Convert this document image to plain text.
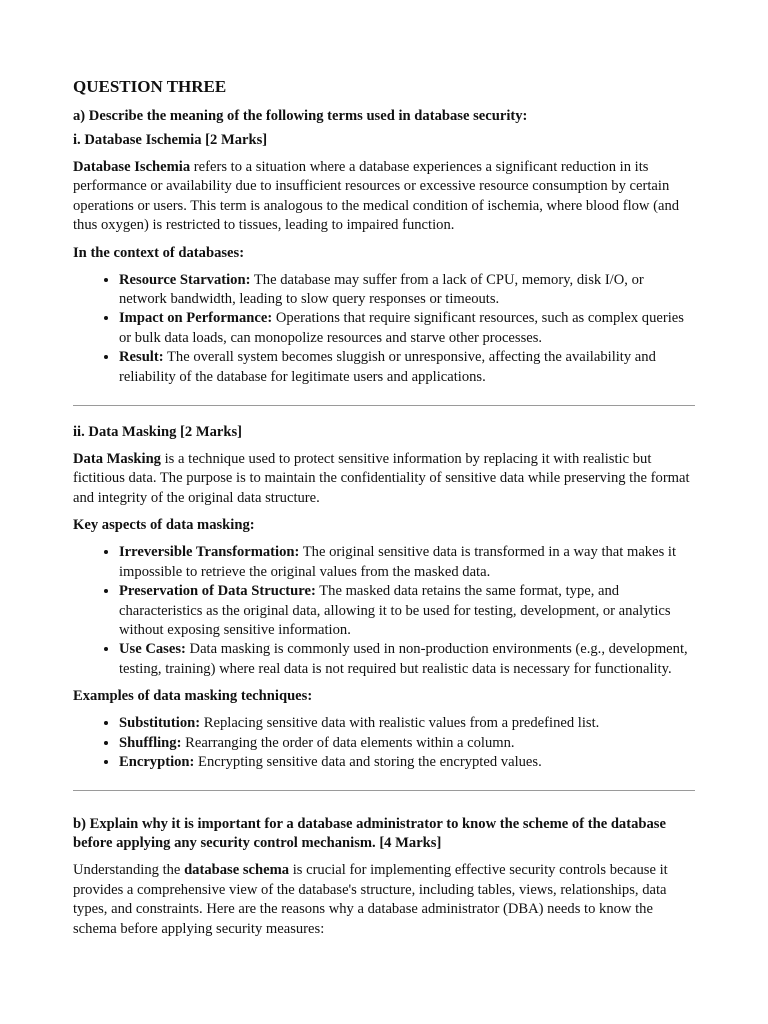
QUESTION THREE
a) Describe the meaning of the following terms used in database security:
i. Database Ischemia [2 Marks]

Database Ischemia refers to a situation where a database experiences a significant reduction in its performance or availability due to insufficient resources or excessive resource consumption by certain operations or users. This term is analogous to the medical condition of ischemia, where blood flow (and thus oxygen) is restricted to tissues, leading to impaired function.

In the context of databases:
• Resource Starvation: The database may suffer from a lack of CPU, memory, disk I/O, or network bandwidth, leading to slow query responses or timeouts.
• Impact on Performance: Operations that require significant resources, such as complex queries or bulk data loads, can monopolize resources and starve other processes.
• Result: The overall system becomes sluggish or unresponsive, affecting the availability and reliability of the database for legitimate users and applications.
ii. Data Masking [2 Marks]

Data Masking is a technique used to protect sensitive information by replacing it with realistic but fictitious data. The purpose is to maintain the confidentiality of sensitive data while preserving the format and integrity of the original data structure.

Key aspects of data masking:
• Irreversible Transformation: The original sensitive data is transformed in a way that makes it impossible to retrieve the original values from the masked data.
• Preservation of Data Structure: The masked data retains the same format, type, and characteristics as the original data, allowing it to be used for testing, development, or analytics without exposing sensitive information.
• Use Cases: Data masking is commonly used in non-production environments (e.g., development, testing, training) where real data is not required but realistic data is necessary for functionality.
Examples of data masking techniques:
• Substitution: Replacing sensitive data with realistic values from a predefined list.
• Shuffling: Rearranging the order of data elements within a column.
• Encryption: Encrypting sensitive data and storing the encrypted values.
b) Explain why it is important for a database administrator to know the scheme of the database before applying any security control mechanism. [4 Marks]

Understanding the database schema is crucial for implementing effective security controls because it provides a comprehensive view of the database's structure, including tables, views, relationships, data types, and constraints. Here are the reasons why a database administrator (DBA) needs to know the schema before applying security measures:
